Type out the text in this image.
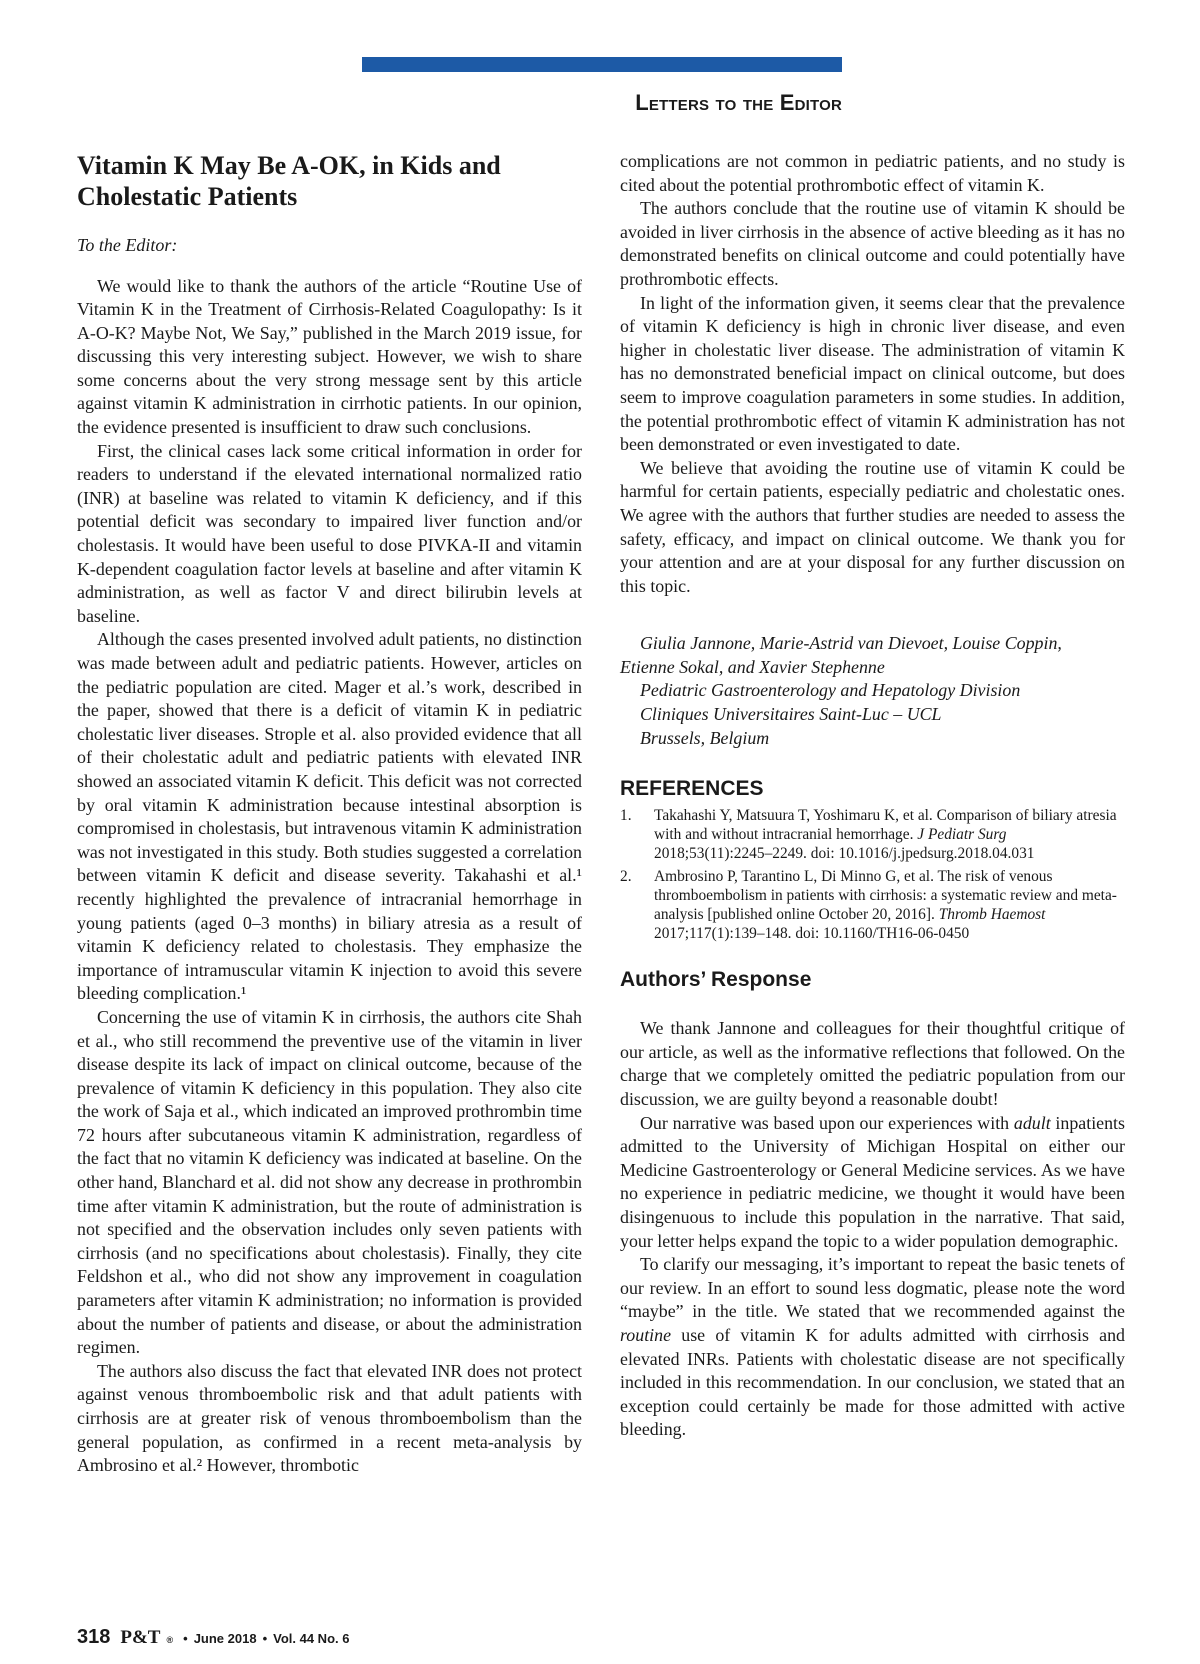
Letters to the Editor
Vitamin K May Be A-OK, in Kids and Cholestatic Patients
To the Editor:

We would like to thank the authors of the article “Routine Use of Vitamin K in the Treatment of Cirrhosis-Related Coagulopathy: Is it A-O-K? Maybe Not, We Say,” published in the March 2019 issue, for discussing this very interesting subject. However, we wish to share some concerns about the very strong message sent by this article against vitamin K administration in cirrhotic patients. In our opinion, the evidence presented is insufficient to draw such conclusions.

First, the clinical cases lack some critical information in order for readers to understand if the elevated international normalized ratio (INR) at baseline was related to vitamin K deficiency, and if this potential deficit was secondary to impaired liver function and/or cholestasis. It would have been useful to dose PIVKA-II and vitamin K-dependent coagulation factor levels at baseline and after vitamin K administration, as well as factor V and direct bilirubin levels at baseline.

Although the cases presented involved adult patients, no distinction was made between adult and pediatric patients. However, articles on the pediatric population are cited. Mager et al.’s work, described in the paper, showed that there is a deficit of vitamin K in pediatric cholestatic liver diseases. Strople et al. also provided evidence that all of their cholestatic adult and pediatric patients with elevated INR showed an associated vitamin K deficit. This deficit was not corrected by oral vitamin K administration because intestinal absorption is compromised in cholestasis, but intravenous vitamin K administration was not investigated in this study. Both studies suggested a correlation between vitamin K deficit and disease severity. Takahashi et al.¹ recently highlighted the prevalence of intracranial hemorrhage in young patients (aged 0–3 months) in biliary atresia as a result of vitamin K deficiency related to cholestasis. They emphasize the importance of intramuscular vitamin K injection to avoid this severe bleeding complication.¹

Concerning the use of vitamin K in cirrhosis, the authors cite Shah et al., who still recommend the preventive use of the vitamin in liver disease despite its lack of impact on clinical outcome, because of the prevalence of vitamin K deficiency in this population. They also cite the work of Saja et al., which indicated an improved prothrombin time 72 hours after subcutaneous vitamin K administration, regardless of the fact that no vitamin K deficiency was indicated at baseline. On the other hand, Blanchard et al. did not show any decrease in prothrombin time after vitamin K administration, but the route of administration is not specified and the observation includes only seven patients with cirrhosis (and no specifications about cholestasis). Finally, they cite Feldshon et al., who did not show any improvement in coagulation parameters after vitamin K administration; no information is provided about the number of patients and disease, or about the administration regimen.

The authors also discuss the fact that elevated INR does not protect against venous thromboembolic risk and that adult patients with cirrhosis are at greater risk of venous thromboembolism than the general population, as confirmed in a recent meta-analysis by Ambrosino et al.² However, thrombotic

complications are not common in pediatric patients, and no study is cited about the potential prothrombotic effect of vitamin K.

The authors conclude that the routine use of vitamin K should be avoided in liver cirrhosis in the absence of active bleeding as it has no demonstrated benefits on clinical outcome and could potentially have prothrombotic effects.

In light of the information given, it seems clear that the prevalence of vitamin K deficiency is high in chronic liver disease, and even higher in cholestatic liver disease. The administration of vitamin K has no demonstrated beneficial impact on clinical outcome, but does seem to improve coagulation parameters in some studies. In addition, the potential prothrombotic effect of vitamin K administration has not been demonstrated or even investigated to date.

We believe that avoiding the routine use of vitamin K could be harmful for certain patients, especially pediatric and cholestatic ones. We agree with the authors that further studies are needed to assess the safety, efficacy, and impact on clinical outcome. We thank you for your attention and are at your disposal for any further discussion on this topic.

Giulia Jannone, Marie-Astrid van Dievoet, Louise Coppin,
Etienne Sokal, and Xavier Stephenne
Pediatric Gastroenterology and Hepatology Division
Cliniques Universitaires Saint-Luc – UCL
Brussels, Belgium
REFERENCES
1.	Takahashi Y, Matsuura T, Yoshimaru K, et al. Comparison of biliary atresia with and without intracranial hemorrhage. J Pediatr Surg 2018;53(11):2245–2249. doi: 10.1016/j.jpedsurg.2018.04.031
2.	Ambrosino P, Tarantino L, Di Minno G, et al. The risk of venous thromboembolism in patients with cirrhosis: a systematic review and meta-analysis [published online October 20, 2016]. Thromb Haemost 2017;117(1):139–148. doi: 10.1160/TH16-06-0450
Authors’ Response

We thank Jannone and colleagues for their thoughtful critique of our article, as well as the informative reflections that followed. On the charge that we completely omitted the pediatric population from our discussion, we are guilty beyond a reasonable doubt!

Our narrative was based upon our experiences with adult inpatients admitted to the University of Michigan Hospital on either our Medicine Gastroenterology or General Medicine services. As we have no experience in pediatric medicine, we thought it would have been disingenuous to include this population in the narrative. That said, your letter helps expand the topic to a wider population demographic.

To clarify our messaging, it’s important to repeat the basic tenets of our review. In an effort to sound less dogmatic, please note the word “maybe” in the title. We stated that we recommended against the routine use of vitamin K for adults admitted with cirrhosis and elevated INRs. Patients with cholestatic disease are not specifically included in this recommendation. In our conclusion, we stated that an exception could certainly be made for those admitted with active bleeding.

318 P&T ® • June 2018 • Vol. 44 No. 6
